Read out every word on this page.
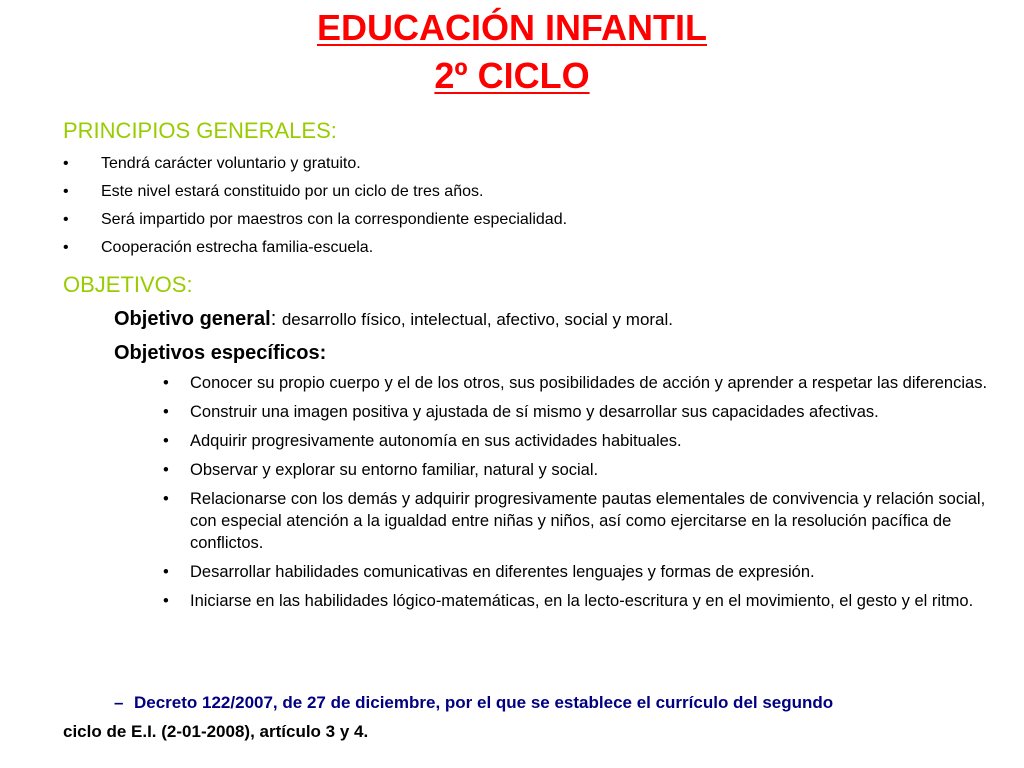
EDUCACIÓN INFANTIL
2º CICLO
PRINCIPIOS GENERALES:
• Tendrá carácter voluntario y gratuito.
• Este nivel estará constituido por un ciclo de tres años.
• Será impartido por maestros con la correspondiente especialidad.
• Cooperación estrecha familia-escuela.
OBJETIVOS:
Objetivo general: desarrollo físico, intelectual, afectivo, social y moral.
Objetivos específicos:
• Conocer su propio cuerpo y el de los otros, sus posibilidades de acción y aprender a respetar las diferencias.
• Construir una imagen positiva y ajustada de sí mismo y desarrollar sus capacidades afectivas.
• Adquirir progresivamente autonomía en sus actividades habituales.
• Observar y explorar su entorno familiar, natural y social.
• Relacionarse con los demás y adquirir progresivamente pautas elementales de convivencia y relación social, con especial atención a la igualdad entre niñas y niños, así como ejercitarse en la resolución pacífica de conflictos.
• Desarrollar habilidades comunicativas en diferentes lenguajes y formas de expresión.
• Iniciarse en las habilidades lógico-matemáticas, en la lecto-escritura y en el movimiento, el gesto y el ritmo.
– Decreto 122/2007, de 27 de diciembre, por el que se establece el currículo del segundo
ciclo de E.I. (2-01-2008), artículo 3 y 4.
